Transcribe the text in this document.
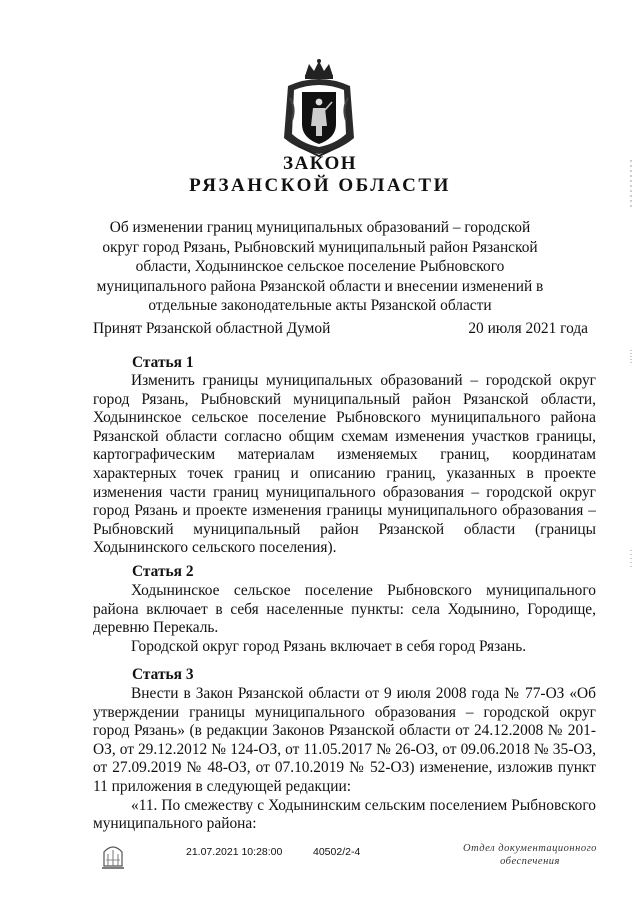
ЗАКОН
РЯЗАНСКОЙ ОБЛАСТИ
Об изменении границ муниципальных образований – городской округ город Рязань, Рыбновский муниципальный район Рязанской области, Ходынинское сельское поселение Рыбновского муниципального района Рязанской области и внесении изменений в отдельные законодательные акты Рязанской области
Принят Рязанской областной Думой	20 июля 2021 года
Статья 1

Изменить границы муниципальных образований – городской округ город Рязань, Рыбновский муниципальный район Рязанской области, Ходынинское сельское поселение Рыбновского муниципального района Рязанской области согласно общим схемам изменения участков границы, картографическим материалам изменяемых границ, координатам характерных точек границ и описанию границ, указанных в проекте изменения части границ муниципального образования – городской округ город Рязань и проекте изменения границы муниципального образования – Рыбновский муниципальный район Рязанской области (границы Ходынинского сельского поселения).

Статья 2

Ходынинское сельское поселение Рыбновского муниципального района включает в себя населенные пункты: села Ходынино, Городище, деревню Перекаль.

Городской округ город Рязань включает в себя город Рязань.

Статья 3

Внести в Закон Рязанской области от 9 июля 2008 года № 77-ОЗ «Об утверждении границы муниципального образования – городской округ город Рязань» (в редакции Законов Рязанской области от 24.12.2008 № 201-ОЗ, от 29.12.2012 № 124-ОЗ, от 11.05.2017 № 26-ОЗ, от 09.06.2018 № 35-ОЗ, от 27.09.2019 № 48-ОЗ, от 07.10.2019 № 52-ОЗ) изменение, изложив пункт 11 приложения в следующей редакции:

«11. По смежеству с Ходынинским сельским поселением Рыбновского муниципального района:

21.07.2021 10:28:00	40502/2-4	Отдел документационного
обеспечения
